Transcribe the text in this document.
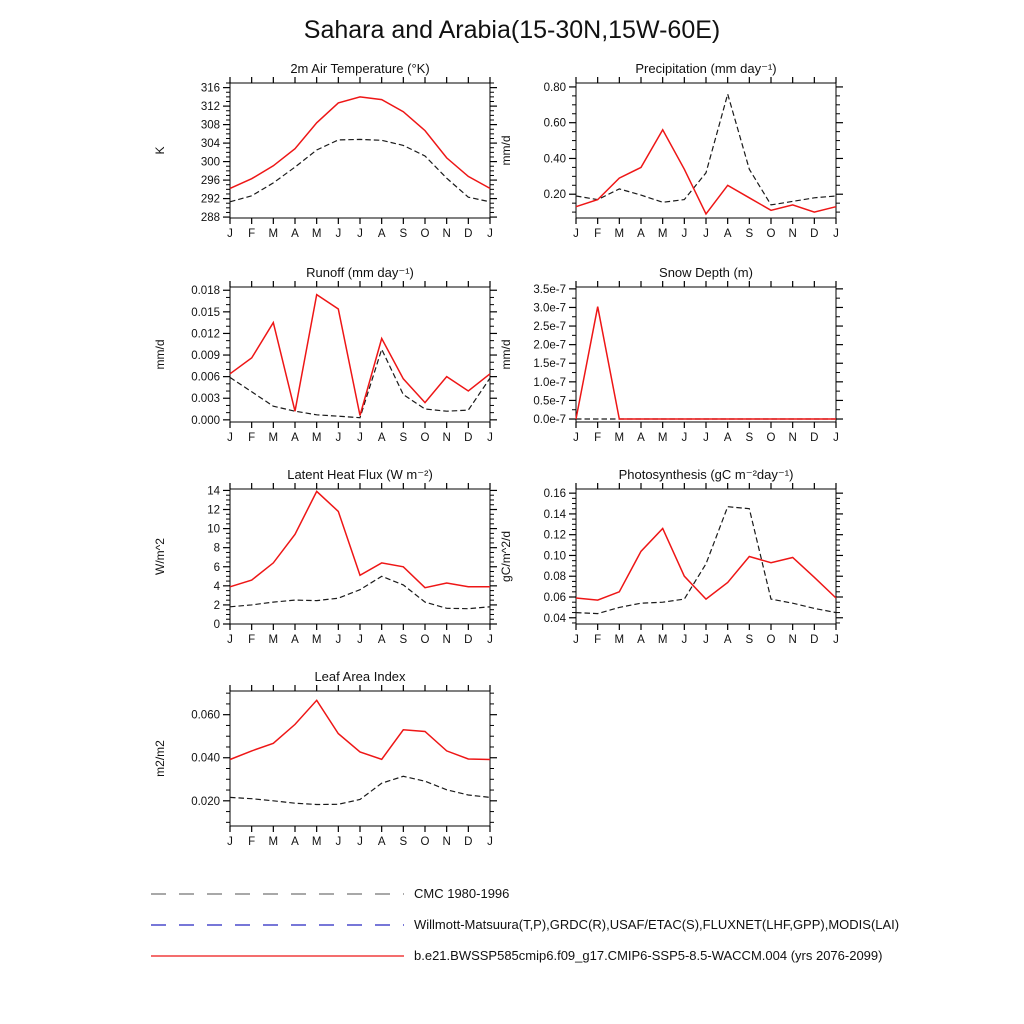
Sahara and Arabia(15-30N,15W-60E)
2m Air Temperature (°K)
288
292
296
300
304
308
312
316
J F M A M J J A S O N D J
K
Precipitation (mm day⁻¹)
0.20
0.40
0.60
0.80
J F M A M J J A S O N D J
mm/d
Runoff (mm day⁻¹)
0.000
0.003
0.006
0.009
0.012
0.015
0.018
J F M A M J J A S O N D J
mm/d
Snow Depth (m)
0.0e-7
0.5e-7
1.0e-7
1.5e-7
2.0e-7
2.5e-7
3.0e-7
3.5e-7
J F M A M J J A S O N D J
mm/d
Latent Heat Flux (W m⁻²)
0
2
4
6
8
10
12
14
J F M A M J J A S O N D J
W/m^2
Photosynthesis (gC m⁻²day⁻¹)
0.04
0.06
0.08
0.10
0.12
0.14
0.16
J F M A M J J A S O N D J
gC/m^2/d
Leaf Area Index
0.020
0.040
0.060
J F M A M J J A S O N D J
m2/m2
CMC 1980-1996
Willmott-Matsuura(T,P),GRDC(R),USAF/ETAC(S),FLUXNET(LHF,GPP),MODIS(LAI)
b.e21.BWSSP585cmip6.f09_g17.CMIP6-SSP5-8.5-WACCM.004 (yrs 2076-2099)
